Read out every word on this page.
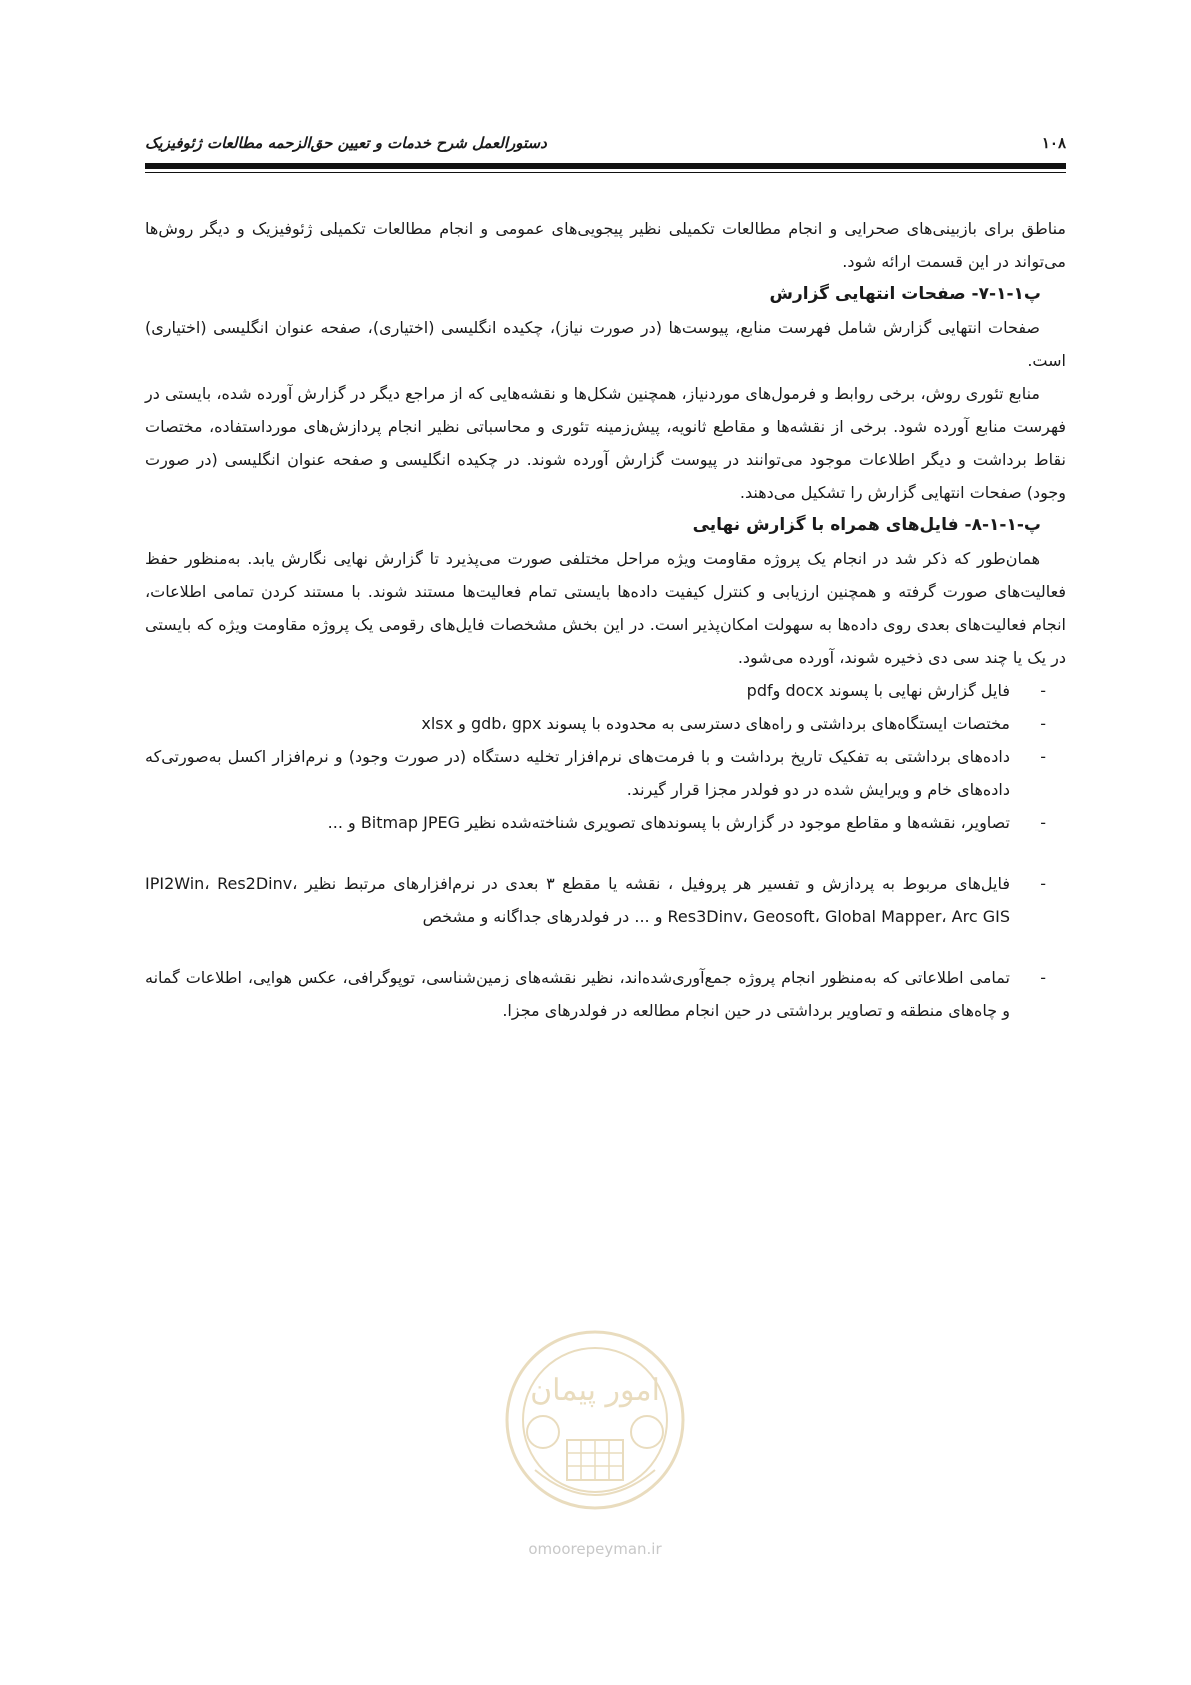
۱۰۸
دستورالعمل شرح خدمات و تعیین حق‌الزحمه مطالعات ژئوفیزیک

مناطق برای بازبینی‌های صحرایی و انجام مطالعات تکمیلی نظیر پیجویی‌های عمومی و انجام مطالعات تکمیلی ژئوفیزیک و دیگر روش‌ها می‌تواند در این قسمت ارائه شود.

پ۱-۱-۷- صفحات انتهایی گزارش

صفحات انتهایی گزارش شامل فهرست منابع، پیوست‌ها (در صورت نیاز)، چکیده انگلیسی (اختیاری)، صفحه عنوان انگلیسی (اختیاری) است.

منابع تئوری روش، برخی روابط و فرمول‌های موردنیاز، همچنین شکل‌ها و نقشه‌هایی که از مراجع دیگر در گزارش آورده شده، بایستی در فهرست منابع آورده شود. برخی از نقشه‌ها و مقاطع ثانویه، پیش‌زمینه تئوری و محاسباتی نظیر انجام پردازش‌های مورداستفاده، مختصات نقاط برداشت و دیگر اطلاعات موجود می‌توانند در پیوست گزارش آورده شوند. در چکیده انگلیسی و صفحه عنوان انگلیسی (در صورت وجود) صفحات انتهایی گزارش را تشکیل می‌دهند.

پ-۱-۱-۸- فایل‌های همراه با گزارش نهایی

همان‌طور که ذکر شد در انجام یک پروژه مقاومت ویژه مراحل مختلفی صورت می‌پذیرد تا گزارش نهایی نگارش یابد. به‌منظور حفظ فعالیت‌های صورت گرفته و همچنین ارزیابی و کنترل کیفیت داده‌ها بایستی تمام فعالیت‌ها مستند شوند. با مستند کردن تمامی اطلاعات، انجام فعالیت‌های بعدی روی داده‌ها به سهولت امکان‌پذیر است. در این بخش مشخصات فایل‌های رقومی یک پروژه مقاومت ویژه که بایستی در یک یا چند سی دی ذخیره شوند، آورده می‌شود.

-
فایل گزارش نهایی با پسوند docx وpdf
-
مختصات ایستگاه‌های برداشتی و راه‌های دسترسی به محدوده با پسوند gdb، gpx و xlsx
-
داده‌های برداشتی به تفکیک تاریخ برداشت و با فرمت‌های نرم‌افزار تخلیه دستگاه (در صورت وجود) و نرم‌افزار اکسل به‌صورتی‌که داده‌های خام و ویرایش شده در دو فولدر مجزا قرار گیرند.
-
تصاویر، نقشه‌ها و مقاطع موجود در گزارش با پسوندهای تصویری شناخته‌شده نظیر Bitmap JPEG و ...
-
فایل‌های مربوط به پردازش و تفسیر هر پروفیل ، نقشه یا مقطع ۳ بعدی در نرم‌افزارهای مرتبط نظیر IPI2Win، Res2Dinv، Res3Dinv، Geosoft، Global Mapper، Arc GIS و ... در فولدرهای جداگانه و مشخص
-
تمامی اطلاعاتی که به‌منظور انجام پروژه جمع‌آوری‌شده‌اند، نظیر نقشه‌های زمین‌شناسی، توپوگرافی، عکس هوایی، اطلاعات گمانه و چاه‌های منطقه و تصاویر برداشتی در حین انجام مطالعه در فولدرهای مجزا.
امور پیمان
omoorepeyman.ir
